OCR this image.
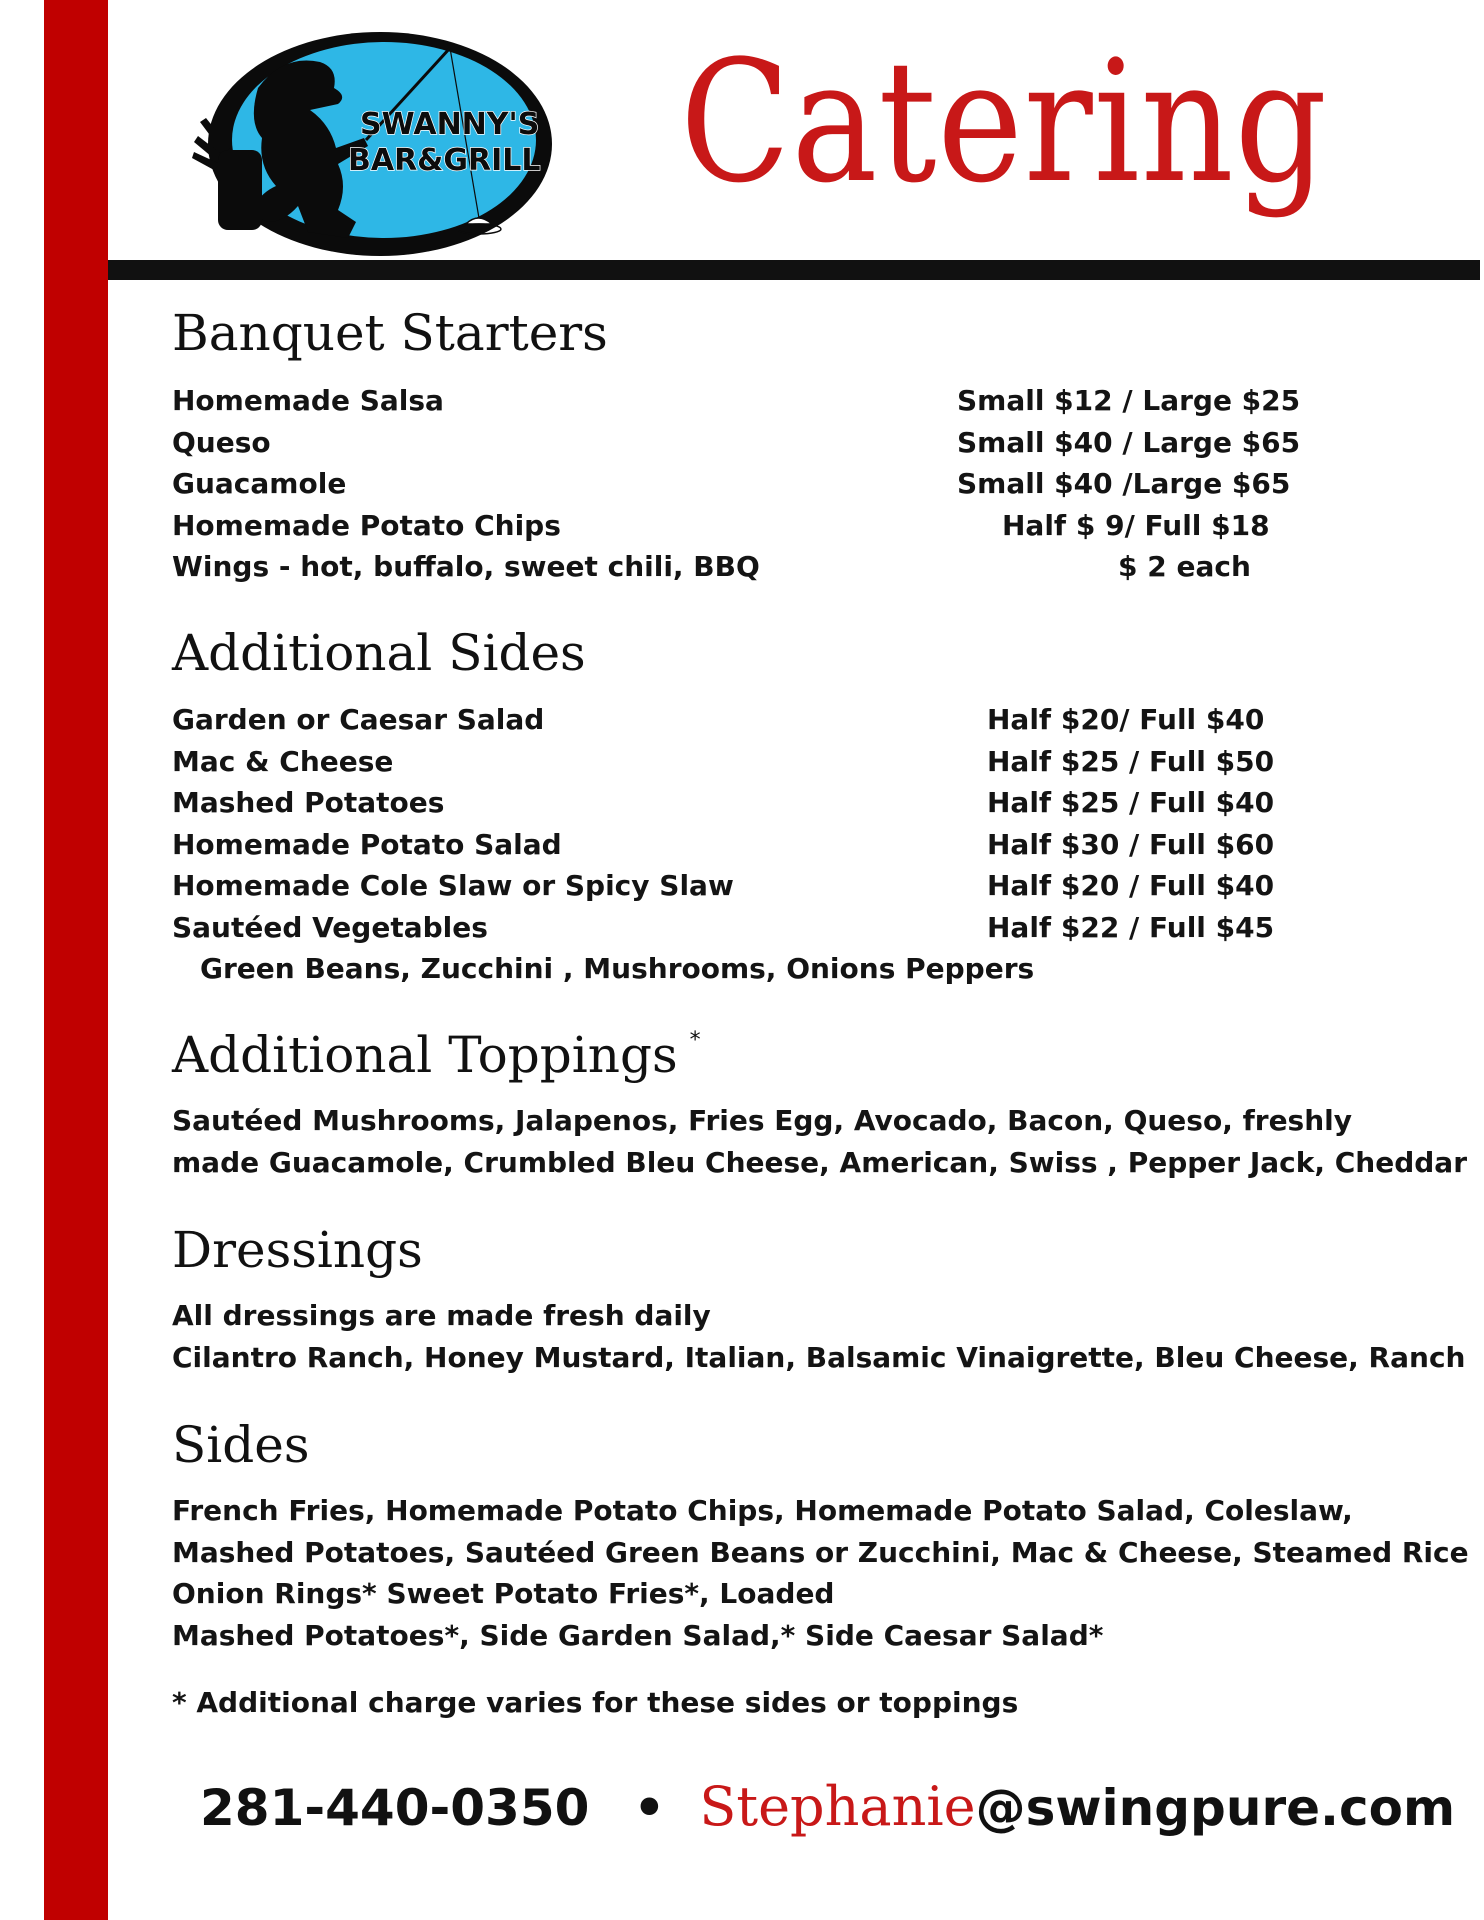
SWANNY'S
BAR&GRILL Catering
Banquet Starters
Homemade Salsa	Small $12 / Large $25
Queso	Small $40 / Large $65
Guacamole	Small $40 /Large $65
Homemade Potato Chips	Half $ 9/ Full $18
Wings - hot, buffalo, sweet chili, BBQ	$ 2 each
Additional Sides
Garden or Caesar Salad	Half $20/ Full $40
Mac & Cheese	Half $25 / Full $50
Mashed Potatoes	Half $25 / Full $40
Homemade Potato Salad	Half $30 / Full $60
Homemade Cole Slaw or Spicy Slaw	Half $20 / Full $40
Sautéed Vegetables	Half $22 / Full $45
Green Beans, Zucchini , Mushrooms, Onions Peppers
Additional Toppings *
Sautéed Mushrooms, Jalapenos, Fries Egg, Avocado, Bacon, Queso, freshly
made Guacamole, Crumbled Bleu Cheese, American, Swiss , Pepper Jack, Cheddar
Dressings
All dressings are made fresh daily
Cilantro Ranch, Honey Mustard, Italian, Balsamic Vinaigrette, Bleu Cheese, Ranch
Sides
French Fries, Homemade Potato Chips, Homemade Potato Salad, Coleslaw,
Mashed Potatoes, Sautéed Green Beans or Zucchini, Mac & Cheese, Steamed Rice
Onion Rings* Sweet Potato Fries*, Loaded
Mashed Potatoes*, Side Garden Salad,* Side Caesar Salad*
* Additional charge varies for these sides or toppings
281-440-0350 • Stephanie@swingpure.com
